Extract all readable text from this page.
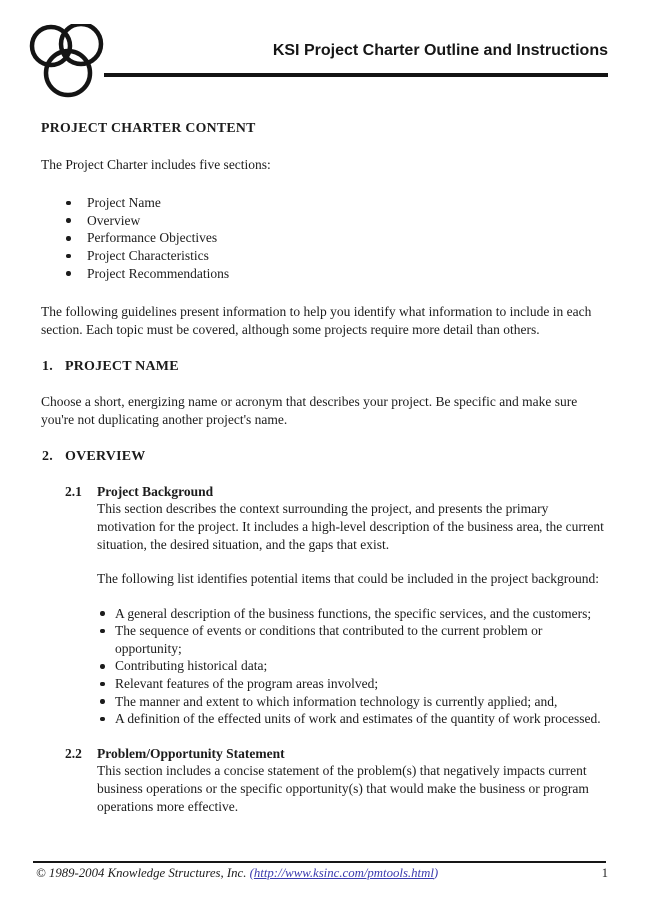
KSI Project Charter Outline and Instructions
PROJECT CHARTER CONTENT

The Project Charter includes five sections:

Project Name
Overview
Performance Objectives
Project Characteristics
Project Recommendations

The following guidelines present information to help you identify what information to include in each section. Each topic must be covered, although some projects require more detail than others.

1. PROJECT NAME

Choose a short, energizing name or acronym that describes your project. Be specific and make sure you're not duplicating another project's name.

2. OVERVIEW
2.1	Project Background

This section describes the context surrounding the project, and presents the primary motivation for the project. It includes a high-level description of the business area, the current situation, the desired situation, and the gaps that exist.

The following list identifies potential items that could be included in the project background:

A general description of the business functions, the specific services, and the customers;
The sequence of events or conditions that contributed to the current problem or opportunity;
Contributing historical data;
Relevant features of the program areas involved;
The manner and extent to which information technology is currently applied; and,
A definition of the effected units of work and estimates of the quantity of work processed.
2.2	Problem/Opportunity Statement

This section includes a concise statement of the problem(s) that negatively impacts current business operations or the specific opportunity(s) that would make the business or program operations more effective.

© 1989-2004 Knowledge Structures, Inc. (http://www.ksinc.com/pmtools.html)	1
